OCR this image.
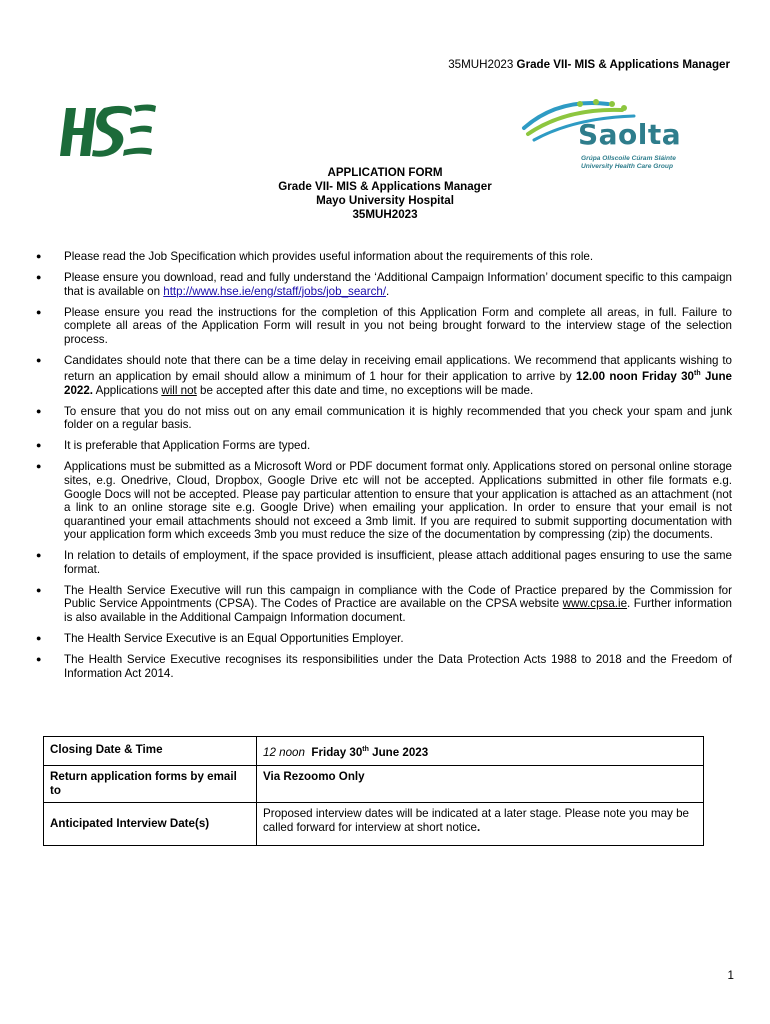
35MUH2023 Grade VII- MIS & Applications Manager
Saolta
Grúpa Ollscoile Cúram Sláinte
University Health Care Group
APPLICATION FORM
Grade VII- MIS & Applications Manager
Mayo University Hospital
35MUH2023
● Please read the Job Specification which provides useful information about the requirements of this role.
● Please ensure you download, read and fully understand the ‘Additional Campaign Information’ document specific to this campaign that is available on http://www.hse.ie/eng/staff/jobs/job_search/.
● Please ensure you read the instructions for the completion of this Application Form and complete all areas, in full. Failure to complete all areas of the Application Form will result in you not being brought forward to the interview stage of the selection process.
● Candidates should note that there can be a time delay in receiving email applications. We recommend that applicants wishing to return an application by email should allow a minimum of 1 hour for their application to arrive by 12.00 noon Friday 30th June 2022. Applications will not be accepted after this date and time, no exceptions will be made.
● To ensure that you do not miss out on any email communication it is highly recommended that you check your spam and junk folder on a regular basis.
● It is preferable that Application Forms are typed.
● Applications must be submitted as a Microsoft Word or PDF document format only. Applications stored on personal online storage sites, e.g. Onedrive, Cloud, Dropbox, Google Drive etc will not be accepted. Applications submitted in other file formats e.g. Google Docs will not be accepted. Please pay particular attention to ensure that your application is attached as an attachment (not a link to an online storage site e.g. Google Drive) when emailing your application. In order to ensure that your email is not quarantined your email attachments should not exceed a 3mb limit. If you are required to submit supporting documentation with your application form which exceeds 3mb you must reduce the size of the documentation by compressing (zip) the documents.
● In relation to details of employment, if the space provided is insufficient, please attach additional pages ensuring to use the same format.
● The Health Service Executive will run this campaign in compliance with the Code of Practice prepared by the Commission for Public Service Appointments (CPSA). The Codes of Practice are available on the CPSA website www.cpsa.ie. Further information is also available in the Additional Campaign Information document.
● The Health Service Executive is an Equal Opportunities Employer.
● The Health Service Executive recognises its responsibilities under the Data Protection Acts 1988 to 2018 and the Freedom of Information Act 2014.
Closing Date & Time	12 noon Friday 30th June 2023
Return application forms by email to	Via Rezoomo Only
Anticipated Interview Date(s)	Proposed interview dates will be indicated at a later stage. Please note you may be called forward for interview at short notice.
1
